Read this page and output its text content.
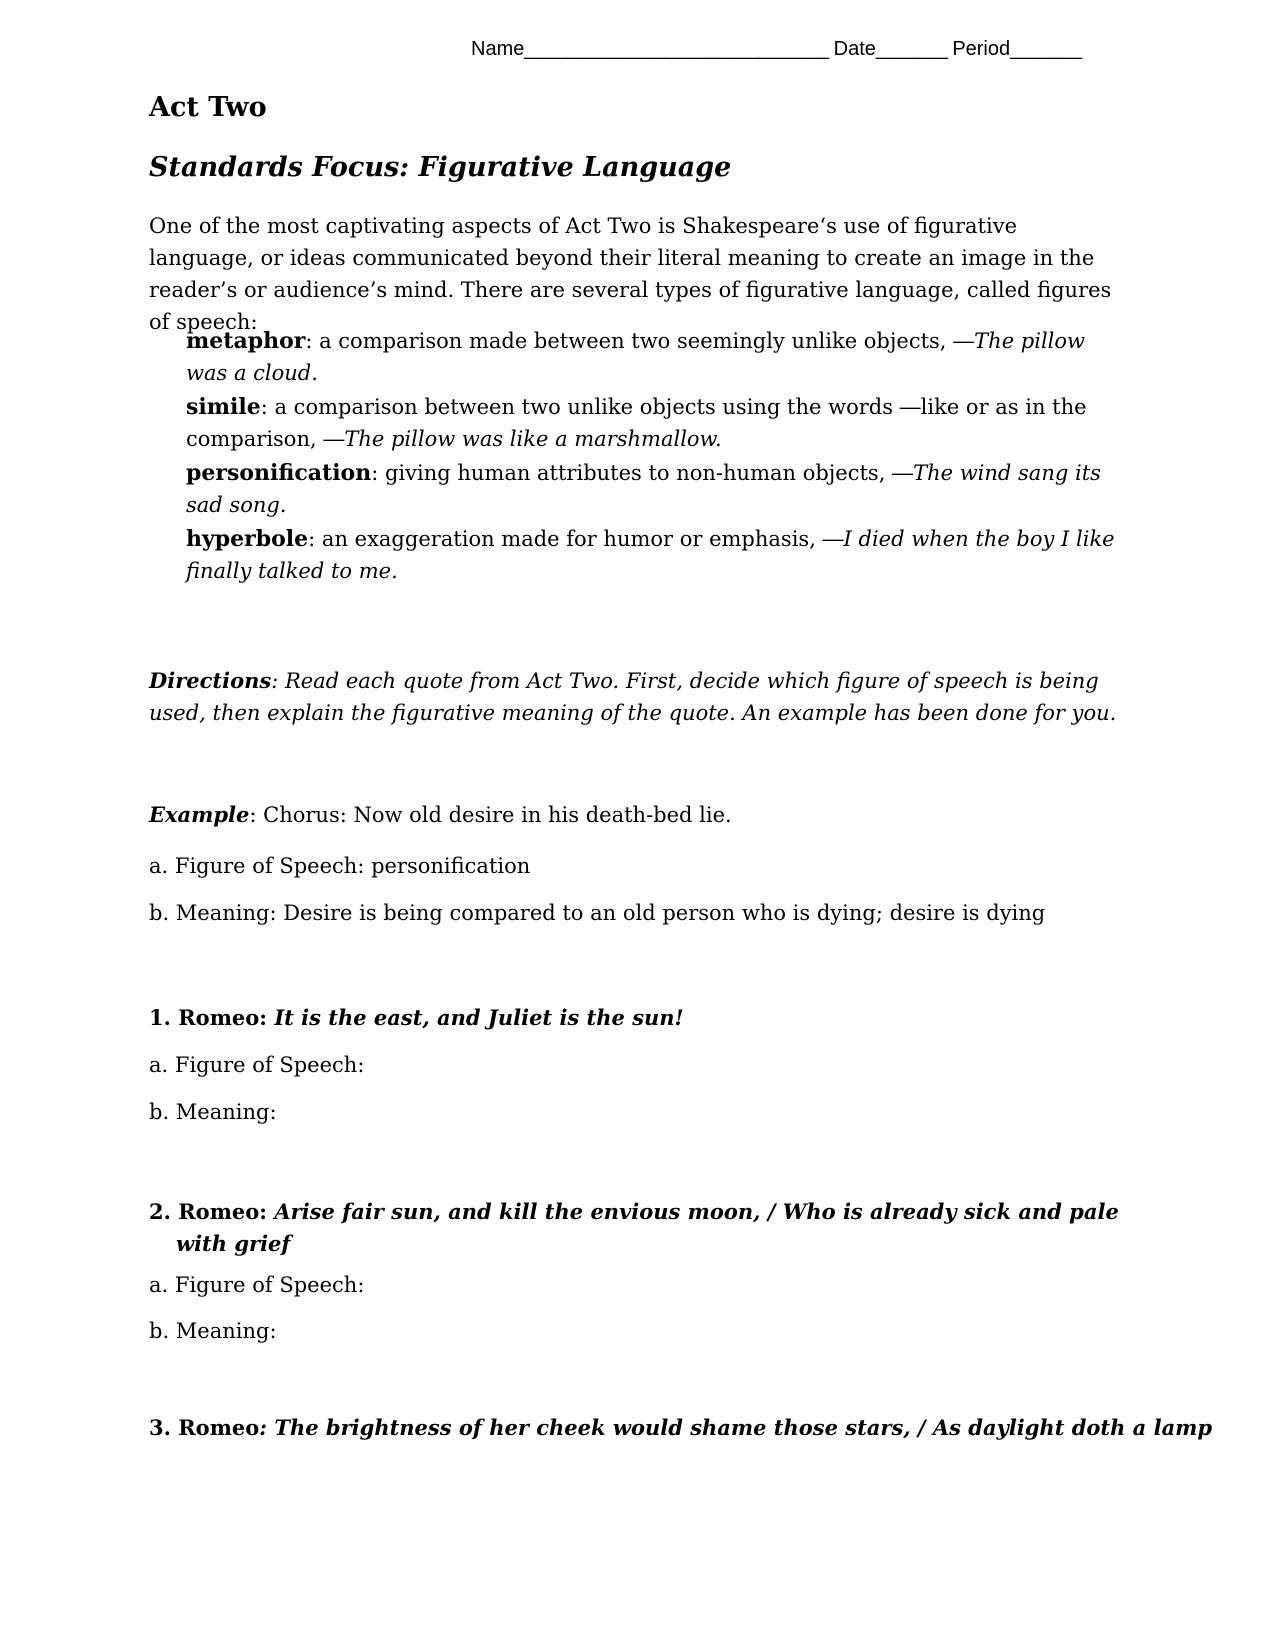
Name______________________________ Date_______ Period_______
Act Two
Standards Focus: Figurative Language
One of the most captivating aspects of Act Two is Shakespeare‘s use of figurative language, or ideas communicated beyond their literal meaning to create an image in the reader’s or audience’s mind. There are several types of figurative language, called figures of speech:
metaphor: a comparison made between two seemingly unlike objects, ―The pillow was a cloud.
simile: a comparison between two unlike objects using the words ―like or as in the comparison, ―The pillow was like a marshmallow.
personification: giving human attributes to non-human objects, ―The wind sang its sad song.
hyperbole: an exaggeration made for humor or emphasis, ―I died when the boy I like finally talked to me.
Directions: Read each quote from Act Two. First, decide which figure of speech is being used, then explain the figurative meaning of the quote. An example has been done for you.
Example: Chorus: Now old desire in his death-bed lie.
a. Figure of Speech: personification
b. Meaning: Desire is being compared to an old person who is dying; desire is dying
1. Romeo: It is the east, and Juliet is the sun!
a. Figure of Speech:
b. Meaning:
2. Romeo: Arise fair sun, and kill the envious moon, / Who is already sick and pale with grief
a. Figure of Speech:
b. Meaning:
3. Romeo: The brightness of her cheek would shame those stars, / As daylight doth a lamp
